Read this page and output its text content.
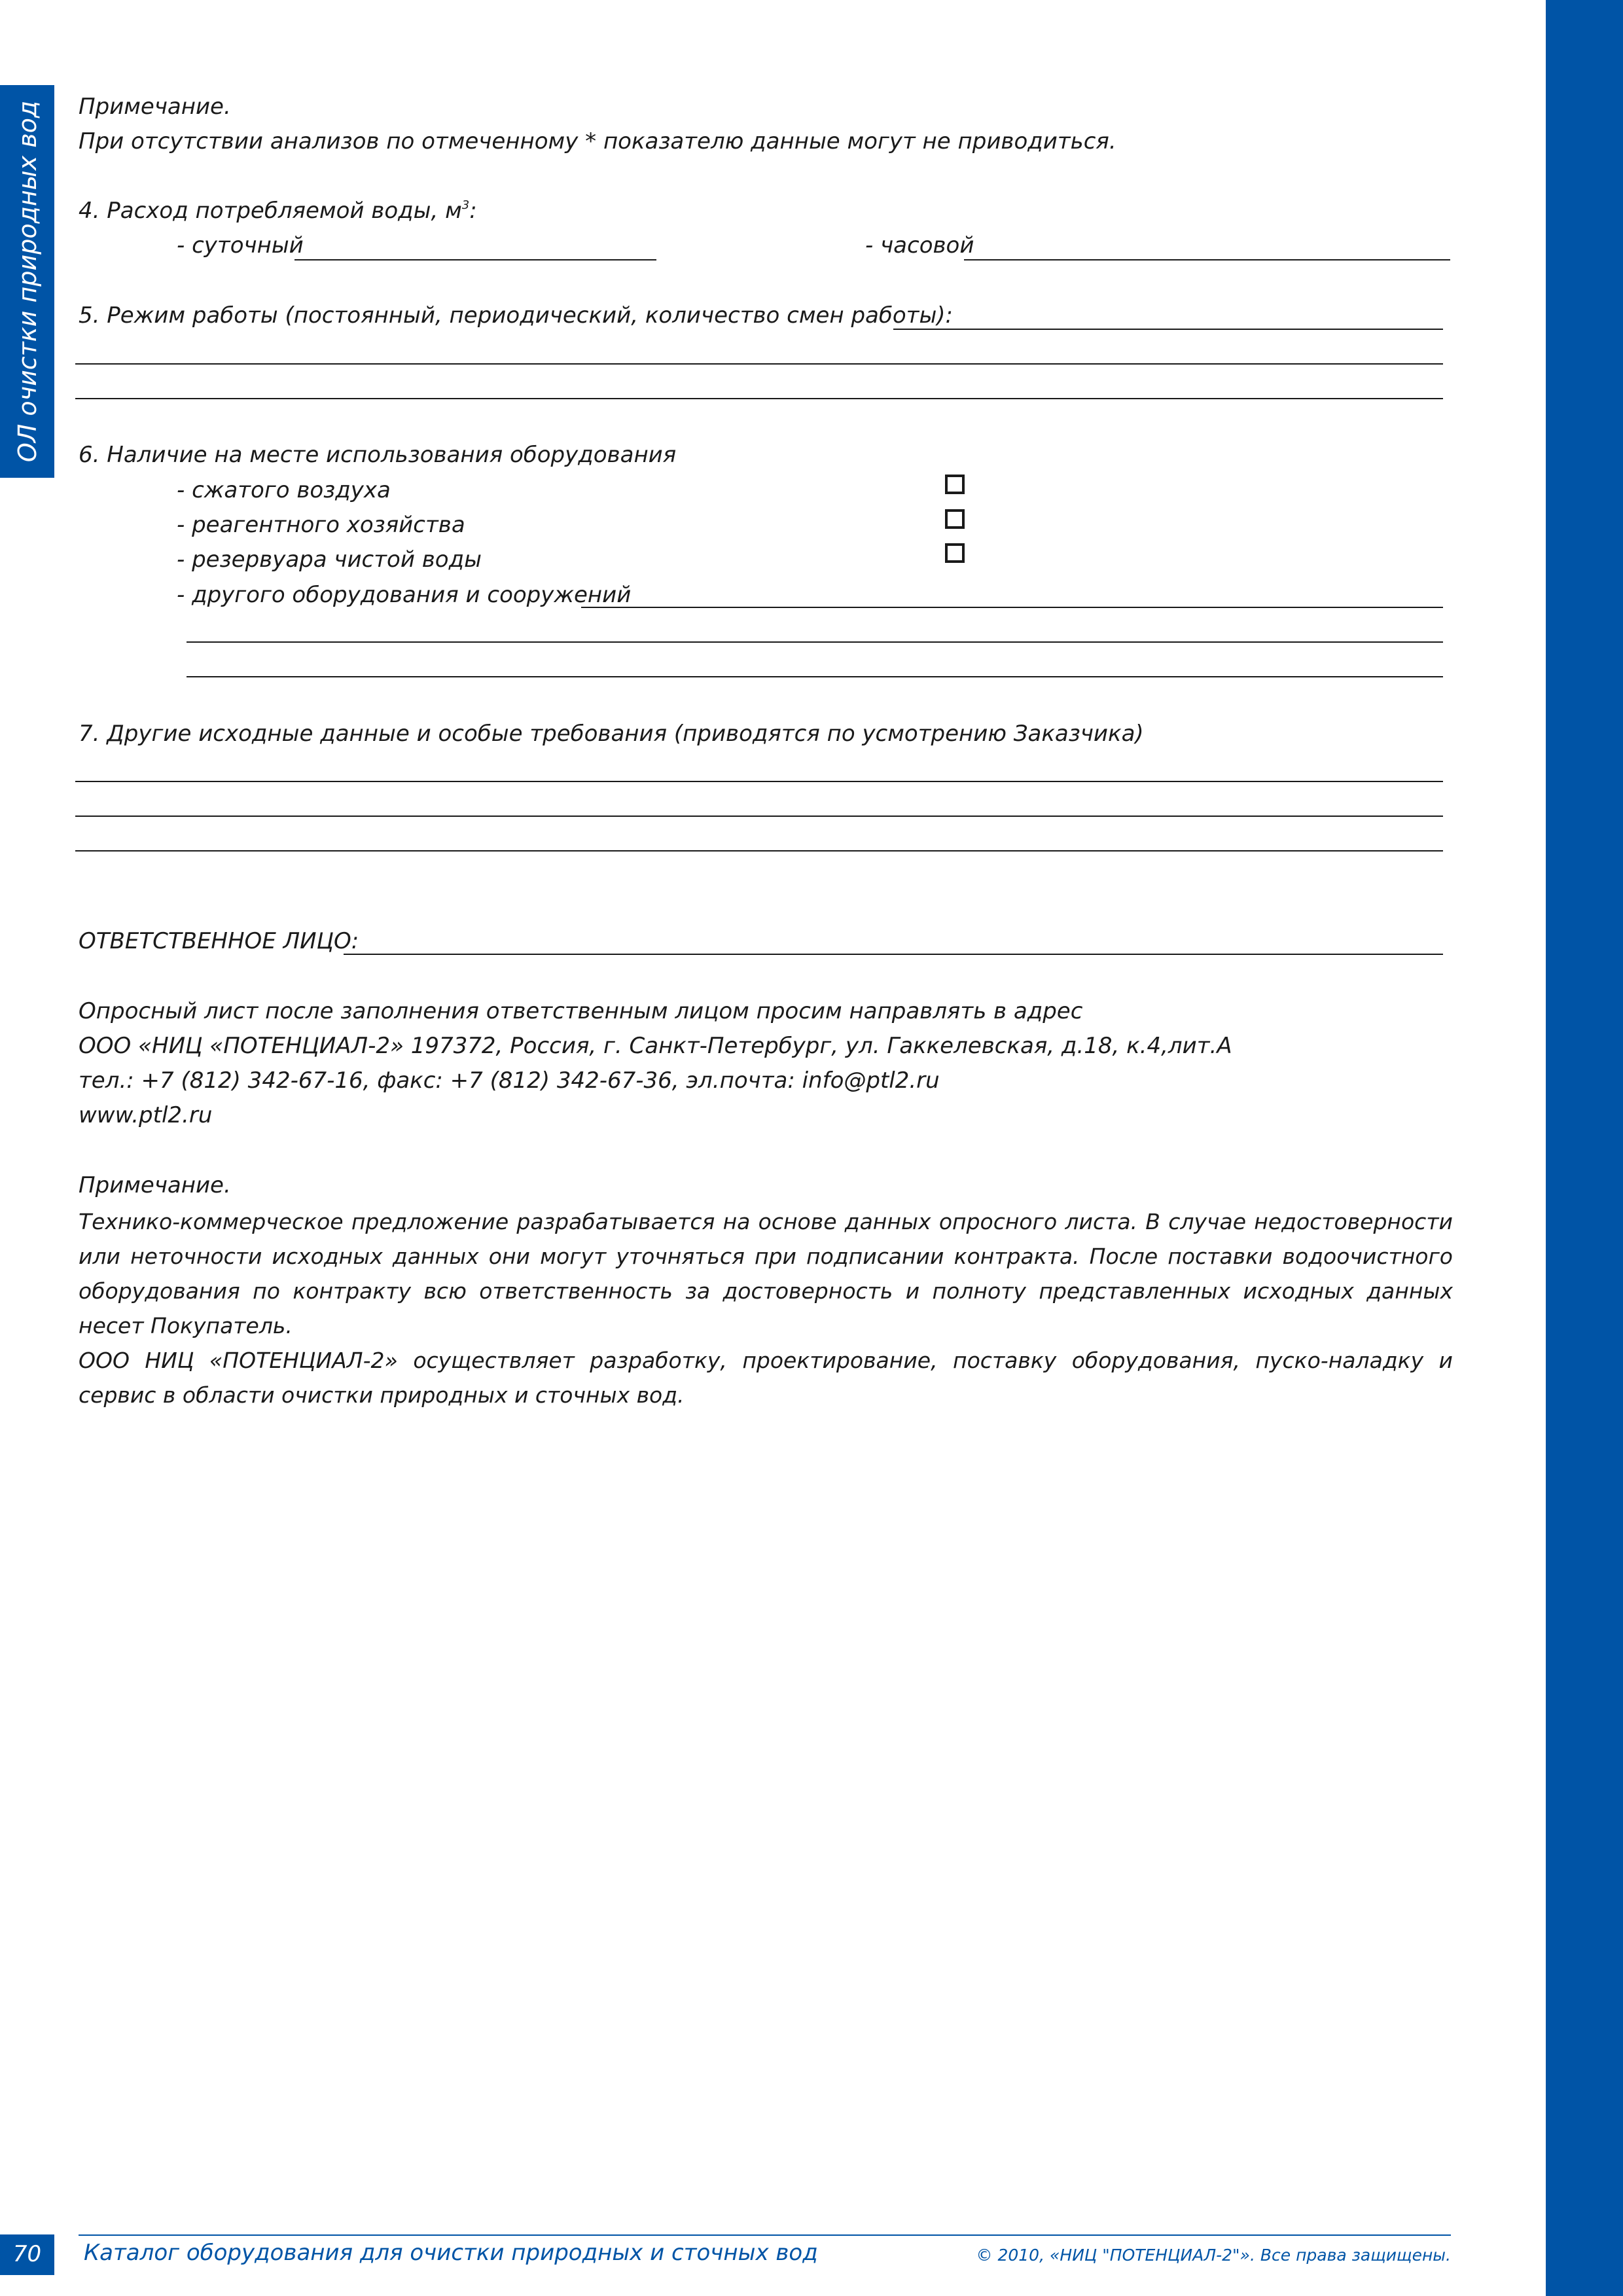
ОЛ очистки природных вод Примечание.
При отсутствии анализов по отмеченному * показателю данные могут не приводиться.
4. Расход потребляемой воды, $м^3$:
- суточный	- часовой
5. Режим работы (постоянный, периодический, количество смен работы):
6. Наличие на месте использования оборудования
- сжатого воздуха
- реагентного хозяйства
- резервуара чистой воды
- другого оборудования и сооружений
7. Другие исходные данные и особые требования (приводятся по усмотрению Заказчика)
ОТВЕТСТВЕННОЕ ЛИЦО:
Опросный лист после заполнения ответственным лицом просим направлять в адрес
ООО «НИЦ «ПОТЕНЦИАЛ-2» 197372, Россия, г. Санкт-Петербург, ул. Гаккелевская, д.18, к.4,лит.А
тел.: +7 (812) 342-67-16, факс: +7 (812) 342-67-36, эл.почта: info@ptl2.ru
www.ptl2.ru
Примечание.
Технико-коммерческое предложение разрабатывается на основе данных опросного листа. В случае недостоверности или неточности исходных данных они могут уточняться при подписании контракта. После поставки водоочистного оборудования по контракту всю ответственность за достоверность и полноту представленных исходных данных несет Покупатель.
ООО НИЦ «ПОТЕНЦИАЛ-2» осуществляет разработку, проектирование, поставку оборудования, пуско-наладку и сервис в области очистки природных и сточных вод.
70	Каталог оборудования для очистки природных и сточных вод	© 2010, «НИЦ "ПОТЕНЦИАЛ-2"». Все права защищены.
